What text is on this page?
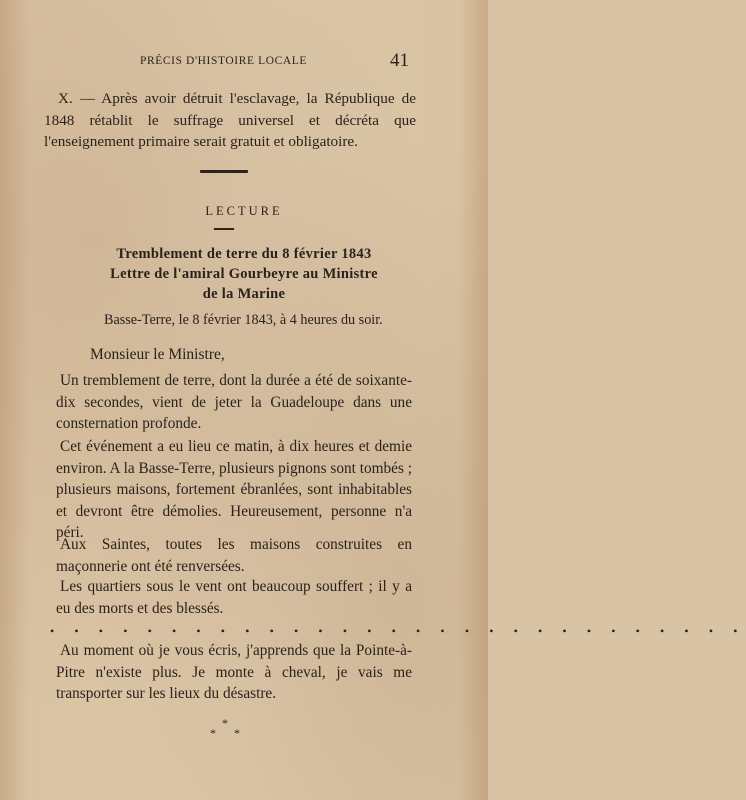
PRÉCIS D'HISTOIRE LOCALE	41
X. — Après avoir détruit l'esclavage, la République de 1848 rétablit le suffrage universel et décréta que l'enseignement primaire serait gratuit et obligatoire.
LECTURE
Tremblement de terre du 8 février 1843
Lettre de l'amiral Gourbeyre au Ministre
de la Marine
Basse-Terre, le 8 février 1843, à 4 heures du soir.
Monsieur le Ministre,

Un tremblement de terre, dont la durée a été de soixante-dix secondes, vient de jeter la Guadeloupe dans une consternation profonde.

Cet événement a eu lieu ce matin, à dix heures et demie environ. A la Basse-Terre, plusieurs pignons sont tombés ; plusieurs maisons, fortement ébranlées, sont inhabitables et devront être démolies. Heureusement, personne n'a péri.

Aux Saintes, toutes les maisons construites en maçonnerie ont été renversées.

Les quartiers sous le vent ont beaucoup souffert ; il y a eu des morts et des blessés.

• • • • • • • • • • • • • • • • • • • • • • • • • • • • •

Au moment où je vous écris, j'apprends que la Pointe-à-Pitre n'existe plus. Je monte à cheval, je vais me transporter sur les lieux du désastre.

*
* *
